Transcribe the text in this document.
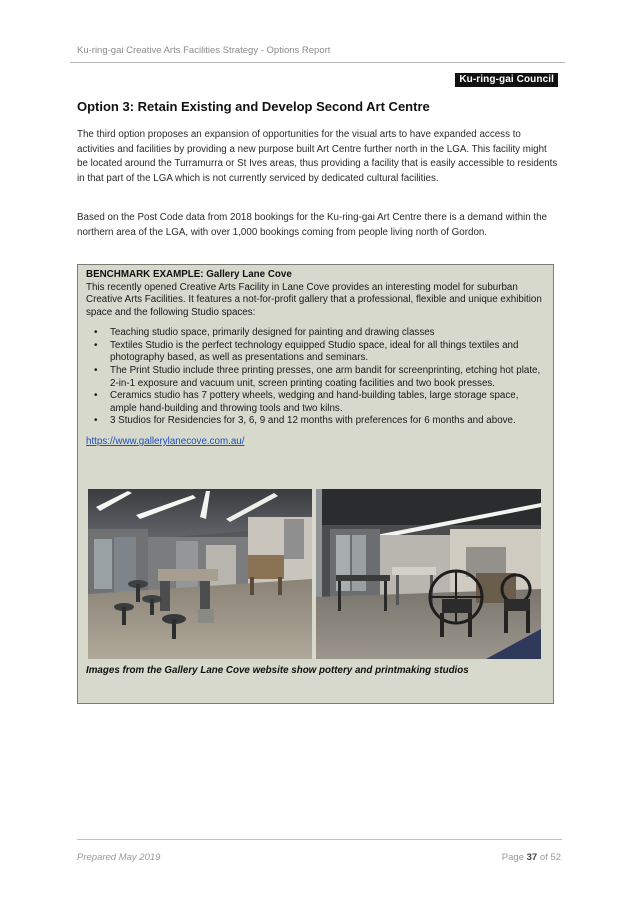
Ku-ring-gai Creative Arts Facilities Strategy - Options Report
Ku-ring-gai Council
Option 3: Retain Existing and Develop Second Art Centre

The third option proposes an expansion of opportunities for the visual arts to have expanded access to activities and facilities by providing a new purpose built Art Centre further north in the LGA. This facility might be located around the Turramurra or St Ives areas, thus providing a facility that is easily accessible to residents in that part of the LGA which is not currently serviced by dedicated cultural facilities.

Based on the Post Code data from 2018 bookings for the Ku-ring-gai Art Centre there is a demand within the northern area of the LGA, with over 1,000 bookings coming from people living north of Gordon.

BENCHMARK EXAMPLE: Gallery Lane Cove

This recently opened Creative Arts Facility in Lane Cove provides an interesting model for suburban Creative Arts Facilities. It features a not-for-profit gallery that a professional, flexible and unique exhibition space and the following Studio spaces:

• Teaching studio space, primarily designed for painting and drawing classes
• Textiles Studio is the perfect technology equipped Studio space, ideal for all things textiles and photography based, as well as presentations and seminars.
• The Print Studio include three printing presses, one arm bandit for screenprinting, etching hot plate, 2-in-1 exposure and vacuum unit, screen printing coating facilities and two book presses.
• Ceramics studio has 7 pottery wheels, wedging and hand-building tables, large storage space, ample hand-building and throwing tools and two kilns.
• 3 Studios for Residencies for 3, 6, 9 and 12 months with preferences for 6 months and above.
https://www.gallerylanecove.com.au/
Images from the Gallery Lane Cove website show pottery and printmaking studios
Prepared May 2019	Page 37 of 52
